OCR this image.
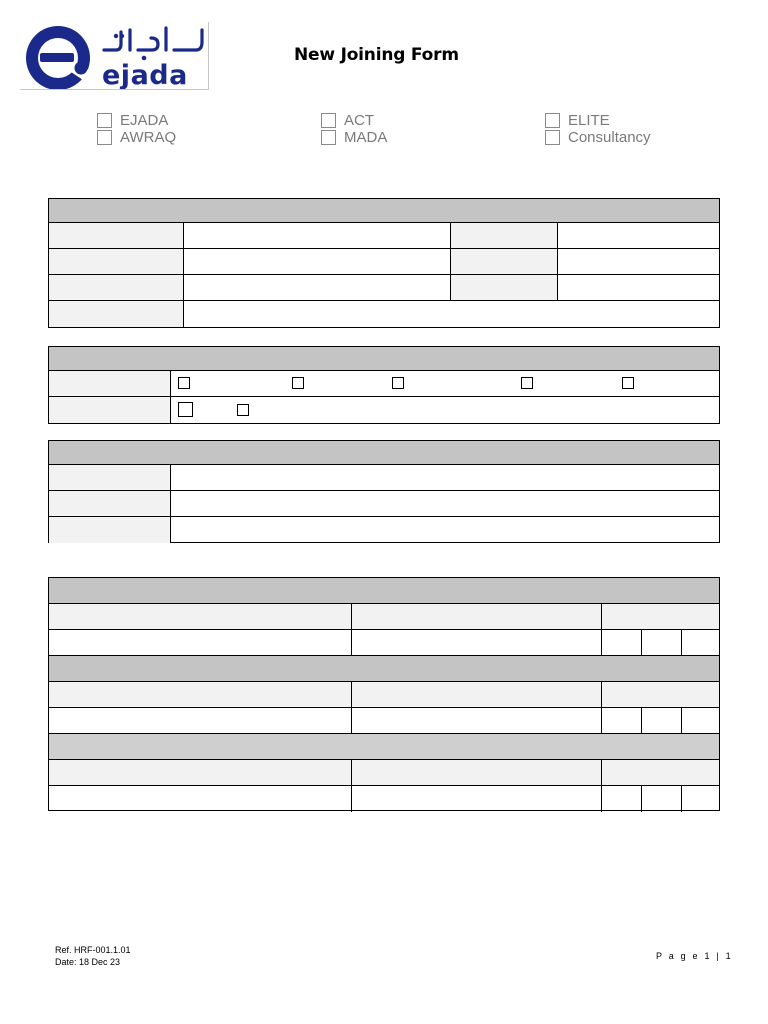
ejada
New Joining Form
EJADA
AWRAQ
ACT
MADA
ELITE
Consultancy
Ref. HRF-001.1.01
Date: 18 Dec 23
P a g e 1 | 1
